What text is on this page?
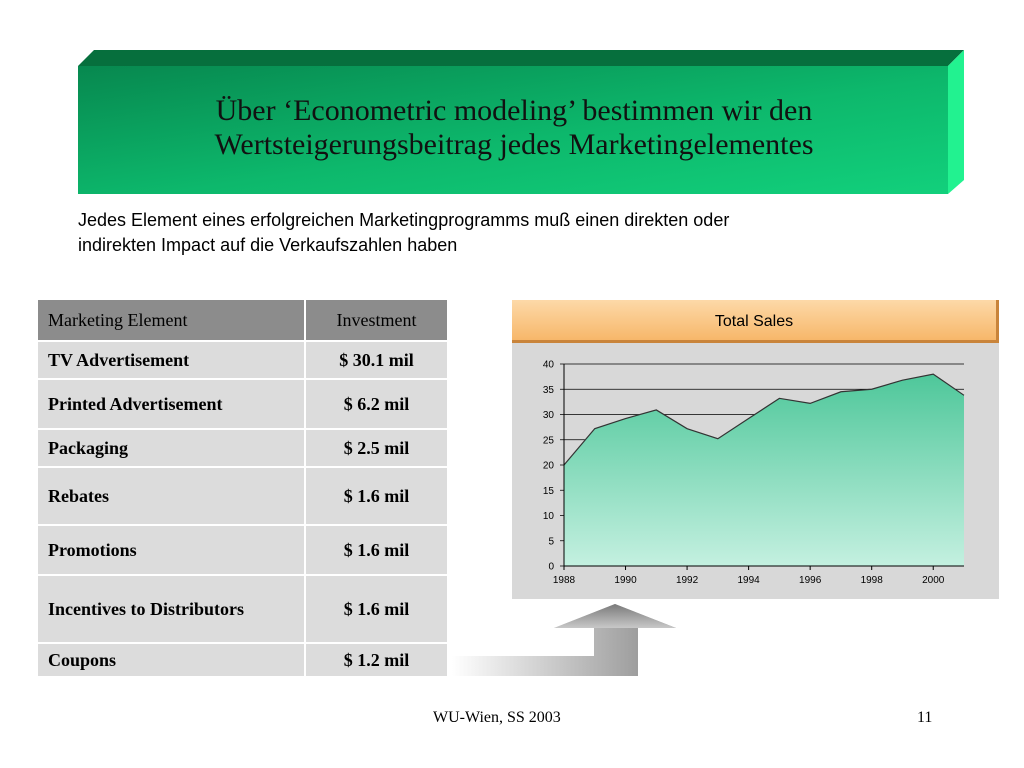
Über ‘Econometric modeling’ bestimmen wir den
Wertsteigerungsbeitrag jedes Marketingelementes
Jedes Element eines erfolgreichen Marketingprogramms muß einen direkten oder
indirekten Impact auf die Verkaufszahlen haben
Marketing Element	Investment
TV Advertisement	$ 30.1 mil
Printed Advertisement	$ 6.2 mil
Packaging	$ 2.5 mil
Rebates	$ 1.6 mil
Promotions	$ 1.6 mil
Incentives to Distributors	$ 1.6 mil
Coupons	$ 1.2 mil
Total Sales
0
5
10
15
20
25
30
35
40
1988	1990	1992	1994	1996	1998	2000
WU-Wien, SS 2003	11
